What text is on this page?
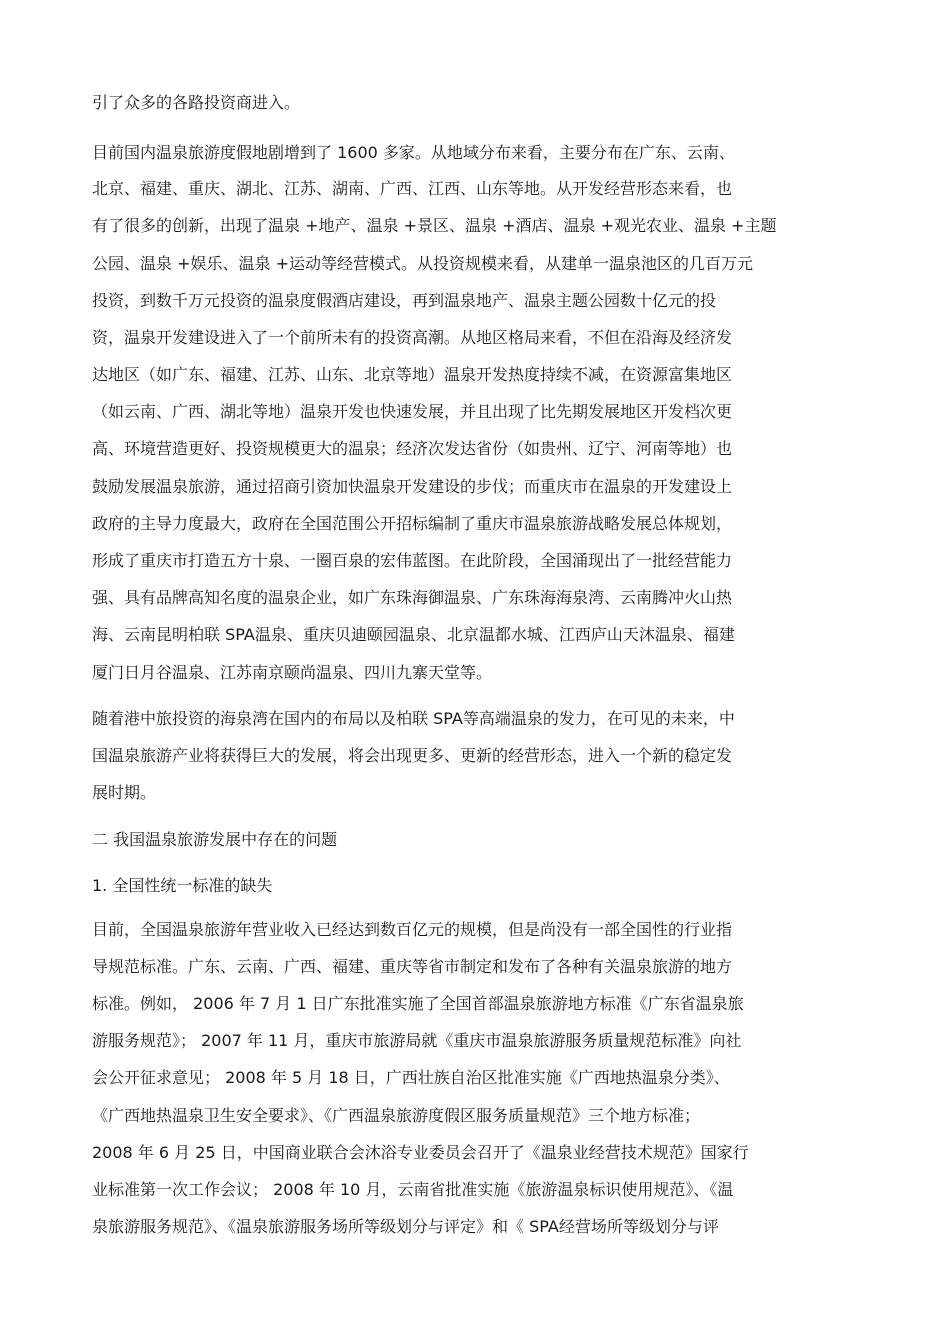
引了众多的各路投资商进入。
目前国内温泉旅游度假地剧增到了 1600 多家。从地域分布来看，主要分布在广东、云南、
北京、福建、重庆、湖北、江苏、湖南、广西、江西、山东等地。从开发经营形态来看，也
有了很多的创新，出现了温泉 +地产、温泉 +景区、温泉 +酒店、温泉 +观光农业、温泉 +主题
公园、温泉 +娱乐、温泉 +运动等经营模式。从投资规模来看，从建单一温泉池区的几百万元
投资，到数千万元投资的温泉度假酒店建设，再到温泉地产、温泉主题公园数十亿元的投
资，温泉开发建设进入了一个前所未有的投资高潮。从地区格局来看，不但在沿海及经济发
达地区（如广东、福建、江苏、山东、北京等地）温泉开发热度持续不减，在资源富集地区
（如云南、广西、湖北等地）温泉开发也快速发展，并且出现了比先期发展地区开发档次更
高、环境营造更好、投资规模更大的温泉；经济次发达省份（如贵州、辽宁、河南等地）也
鼓励发展温泉旅游，通过招商引资加快温泉开发建设的步伐；而重庆市在温泉的开发建设上
政府的主导力度最大，政府在全国范围公开招标编制了重庆市温泉旅游战略发展总体规划，
形成了重庆市打造五方十泉、一圈百泉的宏伟蓝图。在此阶段，全国涌现出了一批经营能力
强、具有品牌高知名度的温泉企业，如广东珠海御温泉、广东珠海海泉湾、云南腾冲火山热
海、云南昆明柏联 SPA温泉、重庆贝迪颐园温泉、北京温都水城、江西庐山天沐温泉、福建
厦门日月谷温泉、江苏南京颐尚温泉、四川九寨天堂等。
随着港中旅投资的海泉湾在国内的布局以及柏联 SPA等高端温泉的发力，在可见的未来，中
国温泉旅游产业将获得巨大的发展，将会出现更多、更新的经营形态，进入一个新的稳定发
展时期。
二 我国温泉旅游发展中存在的问题
1. 全国性统一标准的缺失
目前，全国温泉旅游年营业收入已经达到数百亿元的规模，但是尚没有一部全国性的行业指
导规范标准。广东、云南、广西、福建、重庆等省市制定和发布了各种有关温泉旅游的地方
标准。例如， 2006 年 7 月 1 日广东批准实施了全国首部温泉旅游地方标准《广东省温泉旅
游服务规范》； 2007 年 11 月，重庆市旅游局就《重庆市温泉旅游服务质量规范标准》向社
会公开征求意见； 2008 年 5 月 18 日，广西壮族自治区批准实施《广西地热温泉分类》、
《广西地热温泉卫生安全要求》、《广西温泉旅游度假区服务质量规范》三个地方标准；
2008 年 6 月 25 日，中国商业联合会沐浴专业委员会召开了《温泉业经营技术规范》国家行
业标准第一次工作会议； 2008 年 10 月，云南省批准实施《旅游温泉标识使用规范》、《温
泉旅游服务规范》、《温泉旅游服务场所等级划分与评定》和《 SPA经营场所等级划分与评
